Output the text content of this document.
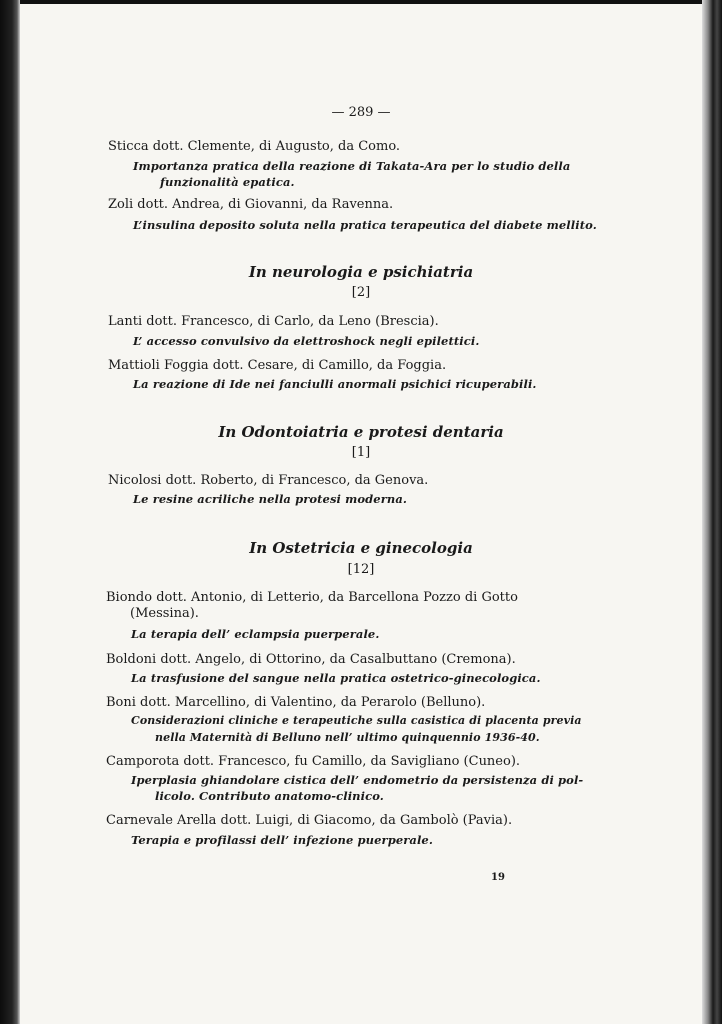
— 289 —
Sticca dott. Clemente, di Augusto, da Como.
Importanza pratica della reazione di Takata-Ara per lo studio della
funzionalità epatica.
Zoli dott. Andrea, di Giovanni, da Ravenna.
L’insulina deposito soluta nella pratica terapeutica del diabete mellito.
In neurologia e psichiatria
[2]
Lanti dott. Francesco, di Carlo, da Leno (Brescia).
L’ accesso convulsivo da elettroshock negli epilettici.
Mattioli Foggia dott. Cesare, di Camillo, da Foggia.
La reazione di Ide nei fanciulli anormali psichici ricuperabili.
In Odontoiatria e protesi dentaria
[1]
Nicolosi dott. Roberto, di Francesco, da Genova.
Le resine acriliche nella protesi moderna.
In Ostetricia e ginecologia
[12]
Biondo dott. Antonio, di Letterio, da Barcellona Pozzo di Gotto
(Messina).
La terapia dell’ eclampsia puerperale.
Boldoni dott. Angelo, di Ottorino, da Casalbuttano (Cremona).
La trasfusione del sangue nella pratica ostetrico-ginecologica.
Boni dott. Marcellino, di Valentino, da Perarolo (Belluno).
Considerazioni cliniche e terapeutiche sulla casistica di placenta previa
nella Maternità di Belluno nell’ ultimo quinquennio 1936-40.
Camporota dott. Francesco, fu Camillo, da Savigliano (Cuneo).
Iperplasia ghiandolare cistica dell’ endometrio da persistenza di pol-
licolo. Contributo anatomo-clinico.
Carnevale Arella dott. Luigi, di Giacomo, da Gambolò (Pavia).
Terapia e profilassi dell’ infezione puerperale.
19
